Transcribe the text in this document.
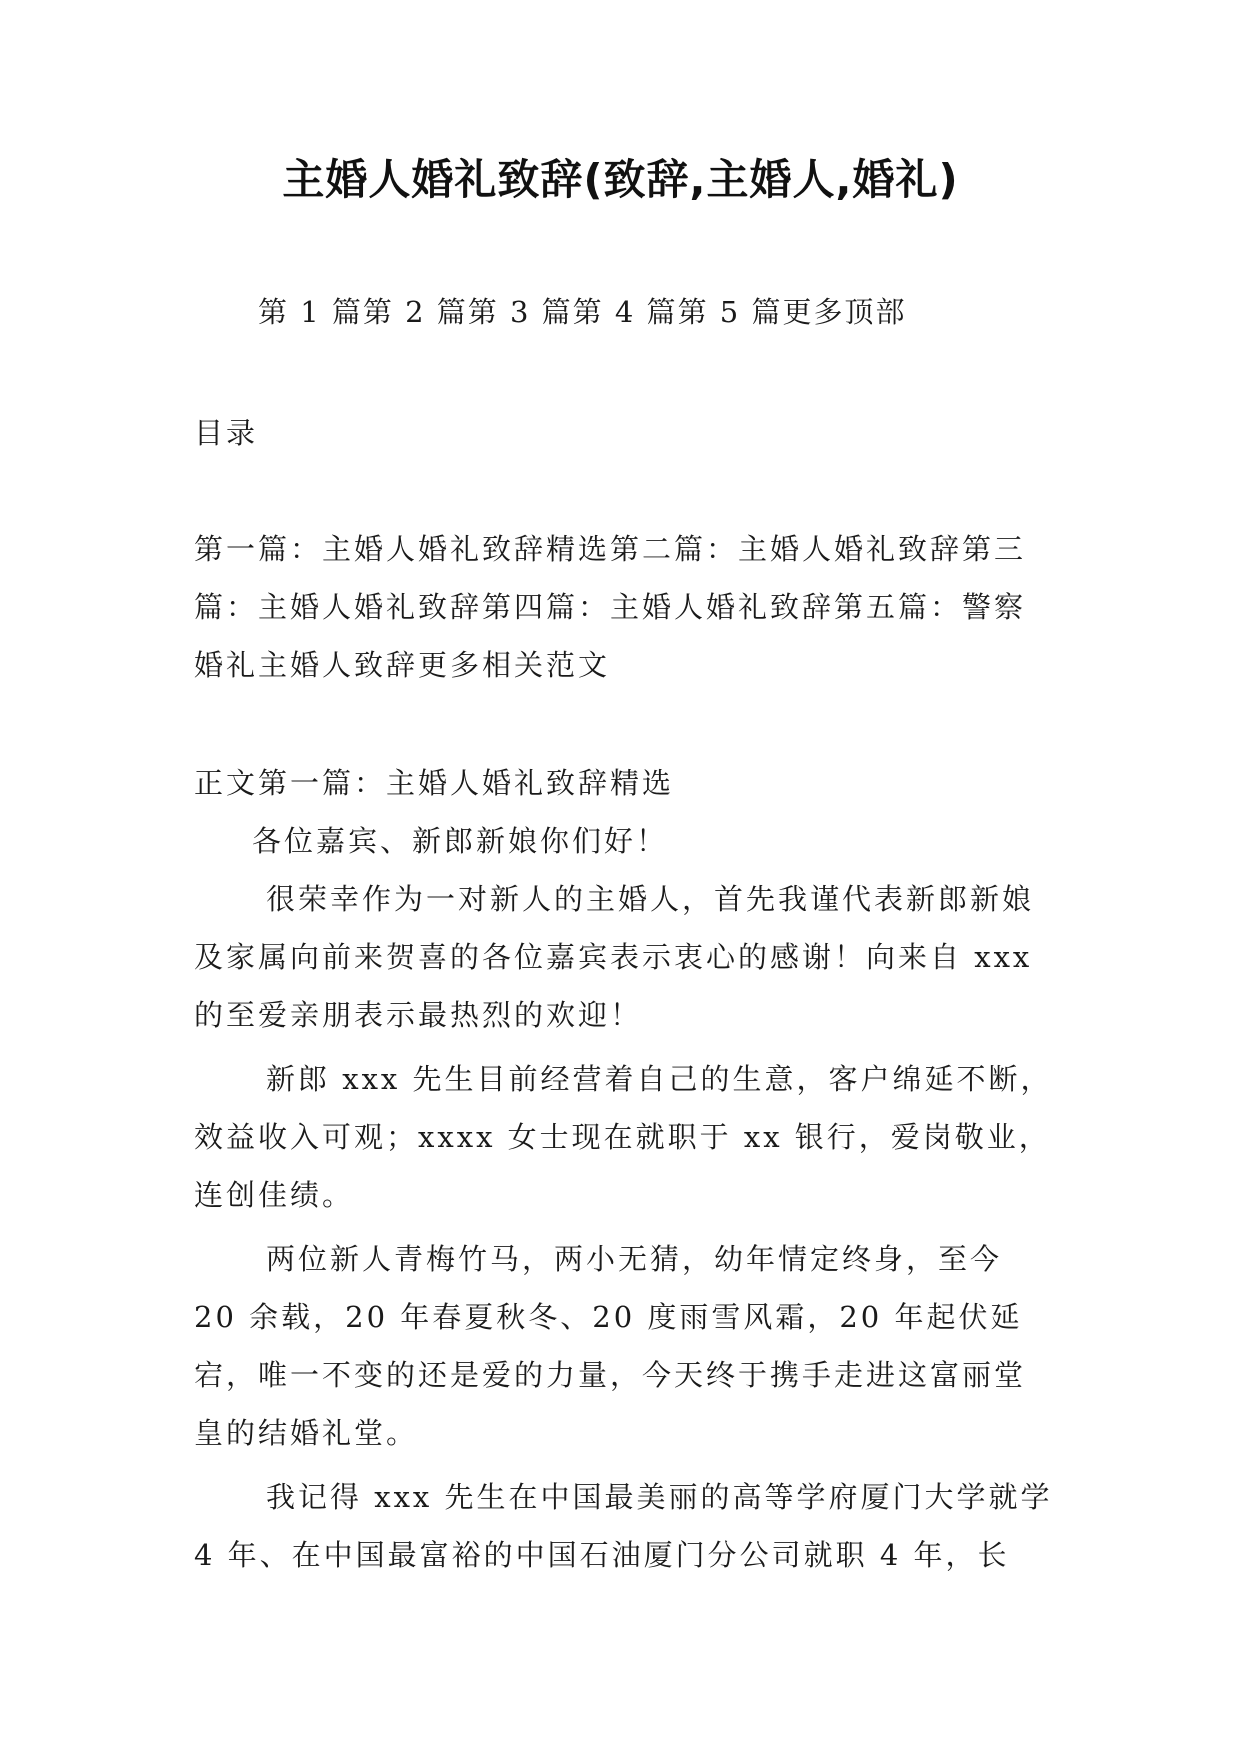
主婚人婚礼致辞(致辞,主婚人,婚礼)
第 1 篇第 2 篇第 3 篇第 4 篇第 5 篇更多顶部
目录
第一篇：主婚人婚礼致辞精选第二篇：主婚人婚礼致辞第三篇：主婚人婚礼致辞第四篇：主婚人婚礼致辞第五篇：警察婚礼主婚人致辞更多相关范文

正文第一篇：主婚人婚礼致辞精选

各位嘉宾、新郎新娘你们好！

很荣幸作为一对新人的主婚人，首先我谨代表新郎新娘及家属向前来贺喜的各位嘉宾表示衷心的感谢！向来自 xxx 的至爱亲朋表示最热烈的欢迎！

新郎 xxx 先生目前经营着自己的生意，客户绵延不断，效益收入可观；xxxx 女士现在就职于 xx 银行，爱岗敬业，连创佳绩。

两位新人青梅竹马，两小无猜，幼年情定终身，至今 20 余载，20 年春夏秋冬、20 度雨雪风霜，20 年起伏延宕，唯一不变的还是爱的力量，今天终于携手走进这富丽堂皇的结婚礼堂。

我记得 xxx 先生在中国最美丽的高等学府厦门大学就学 4 年、在中国最富裕的中国石油厦门分公司就职 4 年，长
